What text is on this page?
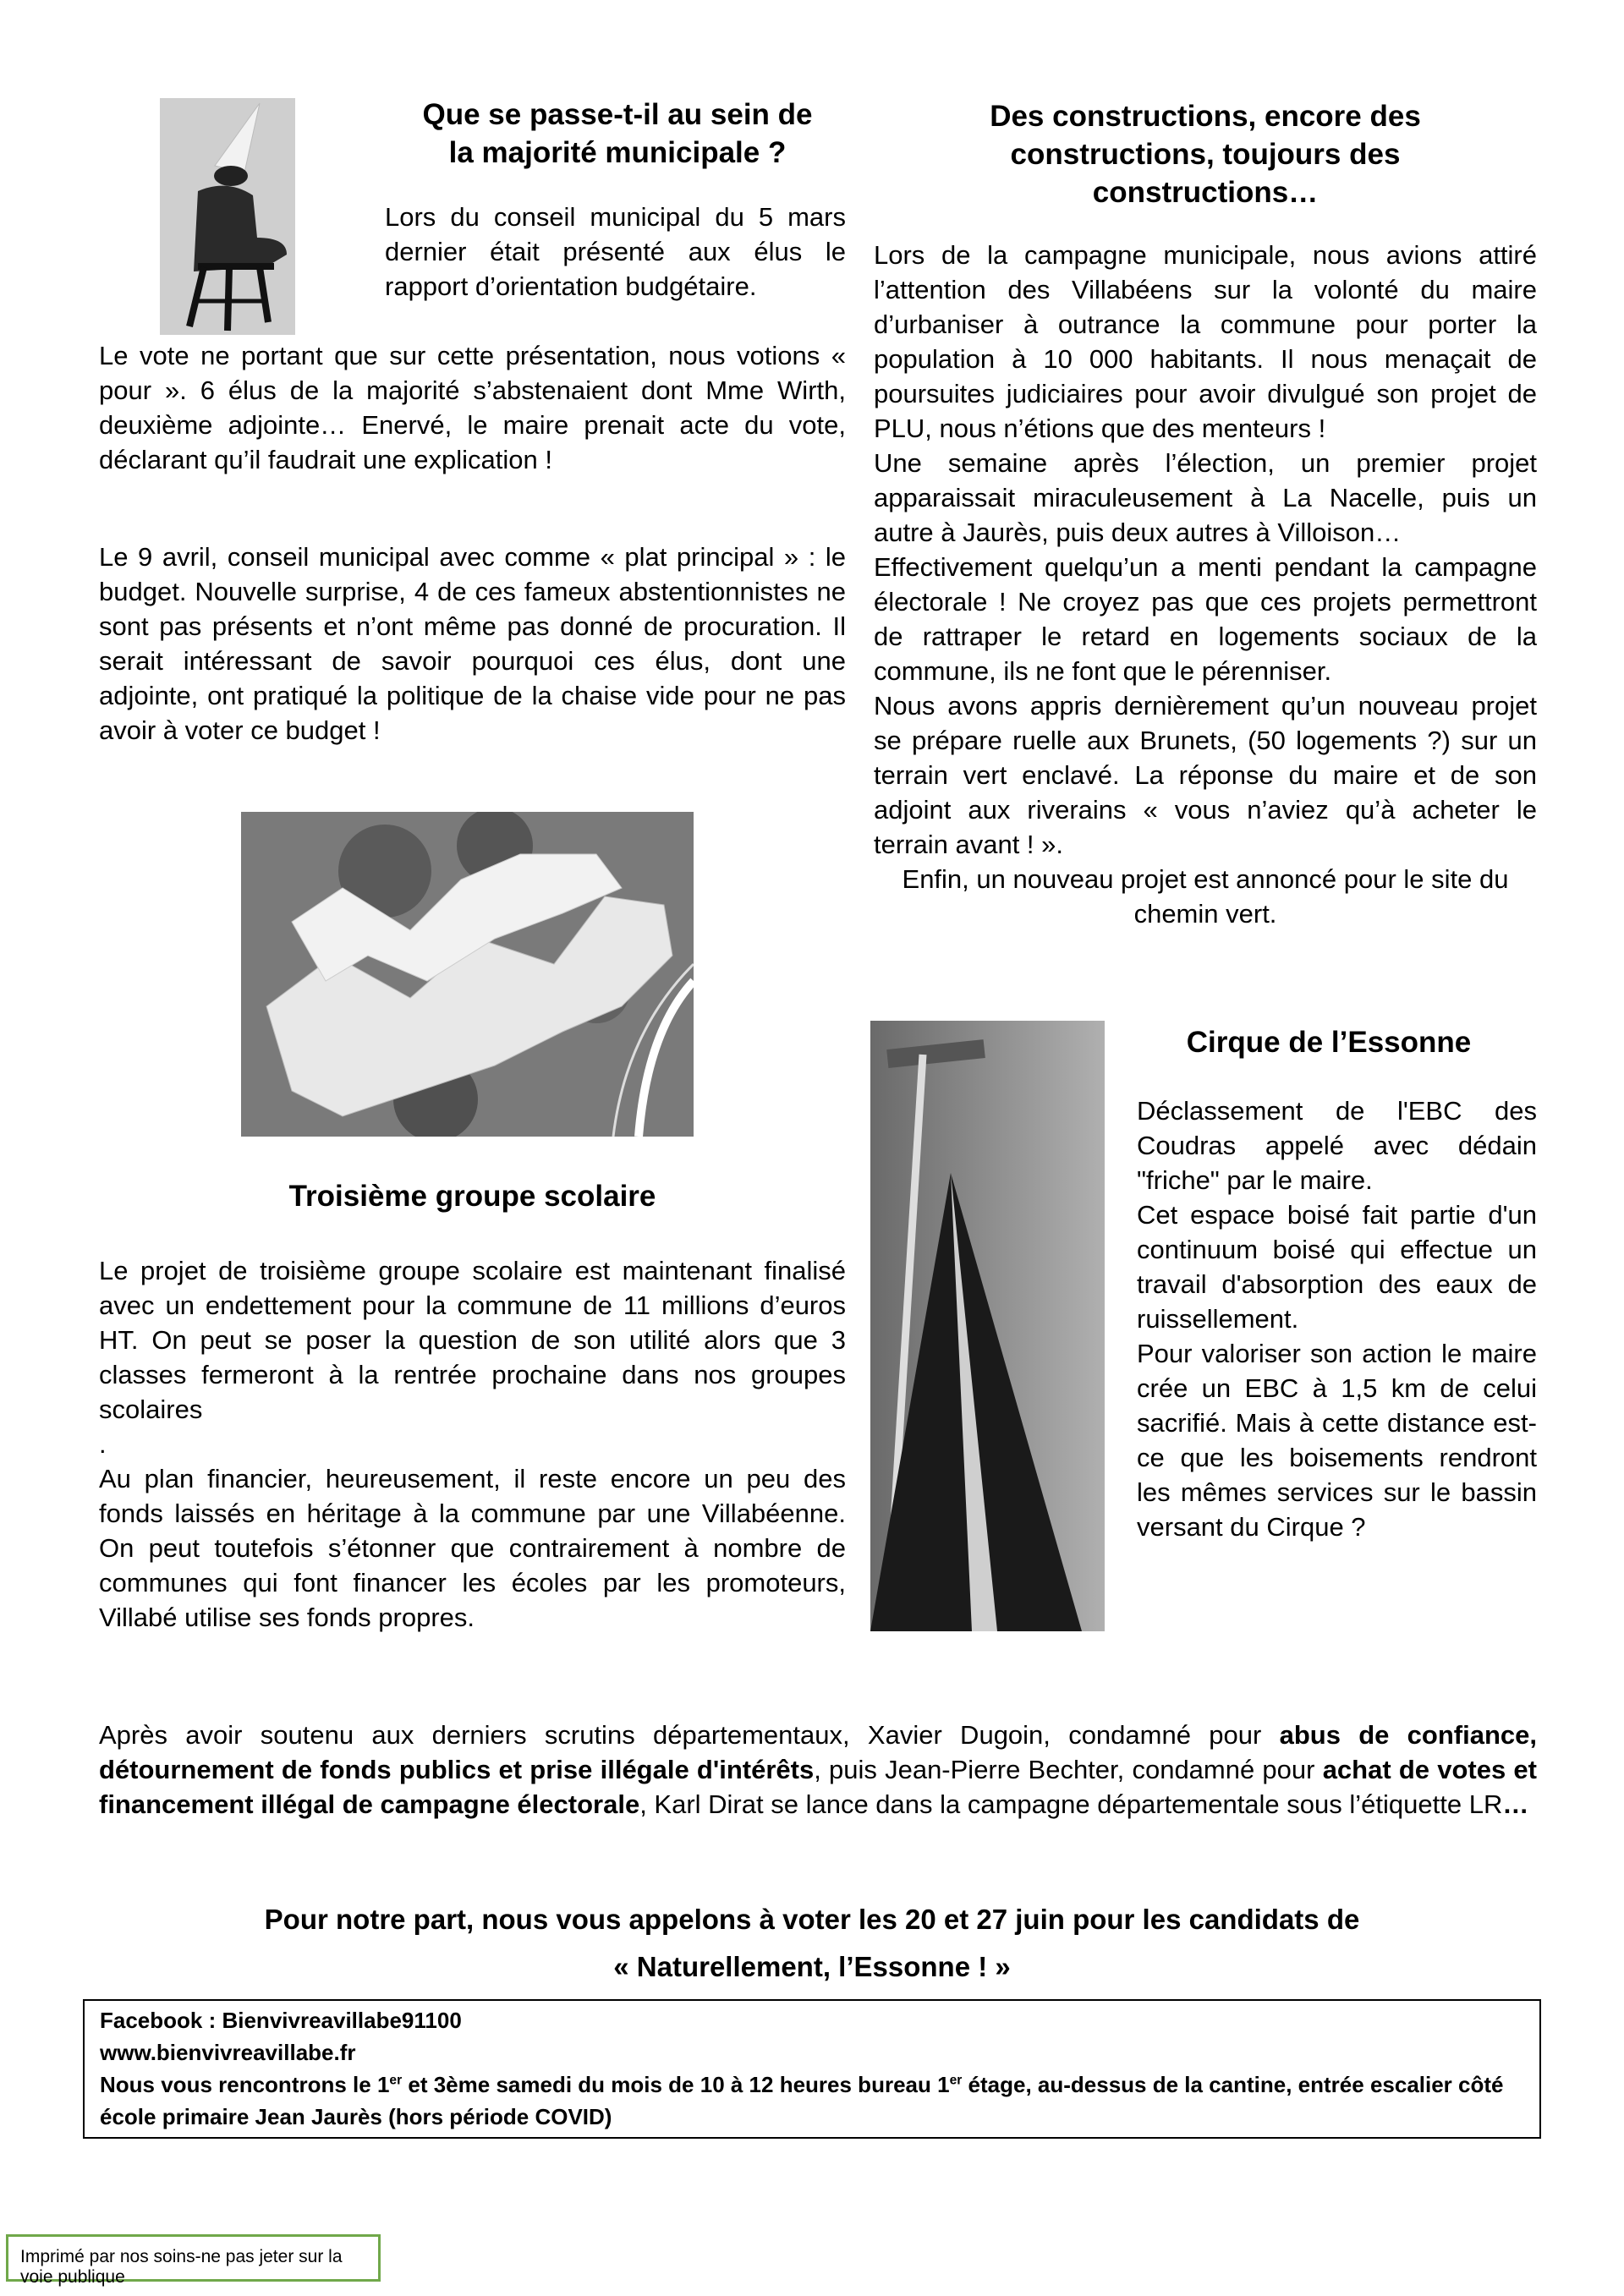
Que se passe-t-il au sein de

la majorité municipale ?

Lors du conseil municipal du 5 mars dernier était présenté aux élus le rapport d’orientation budgétaire.

Le vote ne portant que sur cette présentation, nous votions « pour ». 6 élus de la majorité s’abstenaient dont Mme Wirth, deuxième adjointe… Enervé, le maire prenait acte du vote, déclarant qu’il faudrait une explication !

Le 9 avril, conseil municipal avec comme « plat principal » : le budget. Nouvelle surprise, 4 de ces fameux abstentionnistes ne sont pas présents et n’ont même pas donné de procuration. Il serait intéressant de savoir pourquoi ces élus, dont une adjointe, ont pratiqué la politique de la chaise vide pour ne pas avoir à voter ce budget !

Troisième groupe scolaire

Le projet de troisième groupe scolaire est maintenant finalisé avec un endettement pour la commune de 11 millions d’euros HT. On peut se poser la question de son utilité alors que 3 classes fermeront à la rentrée prochaine dans nos groupes scolaires

.

Au plan financier, heureusement, il reste encore un peu des fonds laissés en héritage à la commune par une Villabéenne. On peut toutefois s’étonner que contrairement à nombre de communes qui font financer les écoles par les promoteurs, Villabé utilise ses fonds propres.

Des constructions, encore des

constructions, toujours des

constructions…

Lors de la campagne municipale, nous avions attiré l’attention des Villabéens sur la volonté du maire d’urbaniser à outrance la commune pour porter la population à 10 000 habitants. Il nous menaçait de poursuites judiciaires pour avoir divulgué son projet de PLU, nous n’étions que des menteurs !

Une semaine après l’élection, un premier projet apparaissait miraculeusement à La Nacelle, puis un autre à Jaurès, puis deux autres à Villoison…

Effectivement quelqu’un a menti pendant la campagne électorale ! Ne croyez pas que ces projets permettront de rattraper le retard en logements sociaux de la commune, ils ne font que le pérenniser.

Nous avons appris dernièrement qu’un nouveau projet se prépare ruelle aux Brunets, (50 logements ?) sur un terrain vert enclavé. La réponse du maire et de son adjoint aux riverains « vous n’aviez qu’à acheter le terrain avant ! ».

Enfin, un nouveau projet est annoncé pour le site du chemin vert.

Cirque de l’Essonne

Déclassement de l'EBC des Coudras appelé avec dédain "friche" par le maire.

Cet espace boisé fait partie d'un continuum boisé qui effectue un travail d'absorption des eaux de ruissellement.

Pour valoriser son action le maire crée un EBC à 1,5 km de celui sacrifié. Mais à cette distance est- ce que les boisements rendront les mêmes services sur le bassin versant du Cirque ?

Après avoir soutenu aux derniers scrutins départementaux, Xavier Dugoin, condamné pour abus de confiance, détournement de fonds publics et prise illégale d'intérêts, puis Jean-Pierre Bechter, condamné pour achat de votes et financement illégal de campagne électorale, Karl Dirat se lance dans la campagne départementale sous l’étiquette LR…

Pour notre part, nous vous appelons à voter les 20 et 27 juin pour les candidats de

« Naturellement, l’Essonne ! »

Facebook : Bienvivreavillabe91100
www.bienvivreavillabe.fr
Nous vous rencontrons le 1er et 3ème samedi du mois de 10 à 12 heures bureau 1er étage, au-dessus de la cantine, entrée escalier côté école primaire Jean Jaurès (hors période COVID)
Imprimé par nos soins-ne pas jeter sur la voie publique
